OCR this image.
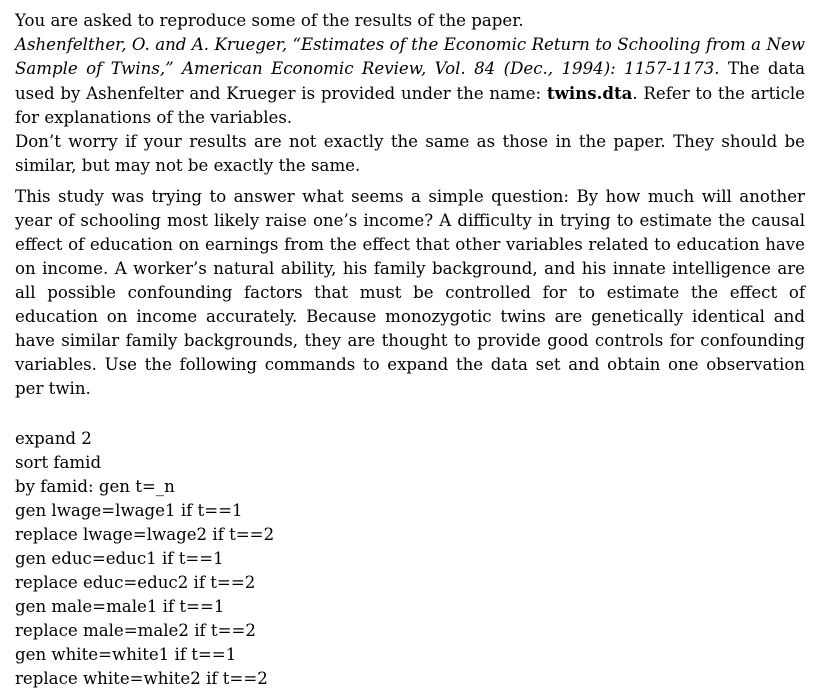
You are asked to reproduce some of the results of the paper.
Ashenfelther, O. and A. Krueger, “Estimates of the Economic Return to Schooling from a New Sample of Twins,” American Economic Review, Vol. 84 (Dec., 1994): 1157-1173. The data used by Ashenfelter and Krueger is provided under the name: twins.dta. Refer to the article for explanations of the variables.
Don’t worry if your results are not exactly the same as those in the paper. They should be similar, but may not be exactly the same.

This study was trying to answer what seems a simple question: By how much will another year of schooling most likely raise one’s income? A difficulty in trying to estimate the causal effect of education on earnings from the effect that other variables related to education have on income. A worker’s natural ability, his family background, and his innate intelligence are all possible confounding factors that must be controlled for to estimate the effect of education on income accurately. Because monozygotic twins are genetically identical and have similar family backgrounds, they are thought to provide good controls for confounding variables. Use the following commands to expand the data set and obtain one observation per twin.

expand 2
sort famid
by famid: gen t=_n
gen lwage=lwage1 if t==1
replace lwage=lwage2 if t==2
gen educ=educ1 if t==1
replace educ=educ2 if t==2
gen male=male1 if t==1
replace male=male2 if t==2
gen white=white1 if t==1
replace white=white2 if t==2
